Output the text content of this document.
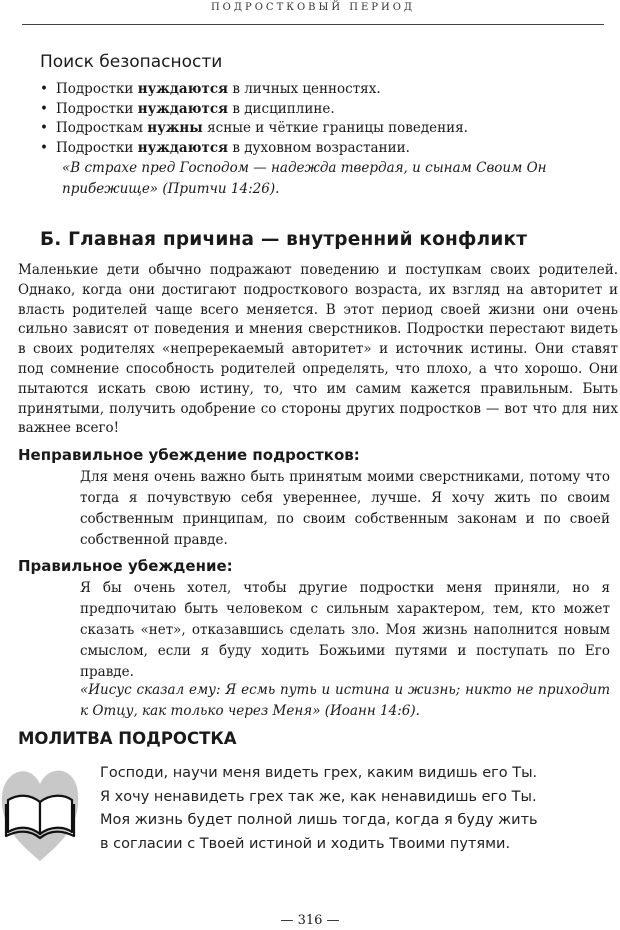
ПОДРОСТКОВЫЙ ПЕРИОД
Поиск безопасности
• Подростки нуждаются в личных ценностях.
• Подростки нуждаются в дисциплине.
• Подросткам нужны ясные и чёткие границы поведения.
• Подростки нуждаются в духовном возрастании.

«В страхе пред Господом — надежда твердая, и сынам Своим Он прибежище» (Притчи 14:26).

Б. Главная причина — внутренний конфликт

Маленькие дети обычно подражают поведению и поступкам своих родителей. Однако, когда они достигают подросткового возраста, их взгляд на авторитет и власть родителей чаще всего меняется. В этот период своей жизни они очень сильно зависят от поведения и мнения сверстников. Подростки перестают видеть в своих родителях «непререкаемый авторитет» и источник истины. Они ставят под сомнение способность родителей определять, что плохо, а что хорошо. Они пытаются искать свою истину, то, что им самим кажется правильным. Быть принятыми, получить одобрение со стороны других подростков — вот что для них важнее всего!

Неправильное убеждение подростков:

Для меня очень важно быть принятым моими сверстниками, потому что тогда я почувствую себя увереннее, лучше. Я хочу жить по своим собственным принципам, по своим собственным законам и по своей собственной правде.

Правильное убеждение:

Я бы очень хотел, чтобы другие подростки меня приняли, но я предпочитаю быть человеком с сильным характером, тем, кто может сказать «нет», отказавшись сделать зло. Моя жизнь наполнится новым смыслом, если я буду ходить Божьими путями и поступать по Его правде.

«Иисус сказал ему: Я есмь путь и истина и жизнь; никто не приходит к Отцу, как только через Меня» (Иоанн 14:6).

МОЛИТВА ПОДРОСТКА
Господи, научи меня видеть грех, каким видишь его Ты.
Я хочу ненавидеть грех так же, как ненавидишь его Ты.
Моя жизнь будет полной лишь тогда, когда я буду жить
в согласии с Твоей истиной и ходить Твоими путями.
— 316 —
